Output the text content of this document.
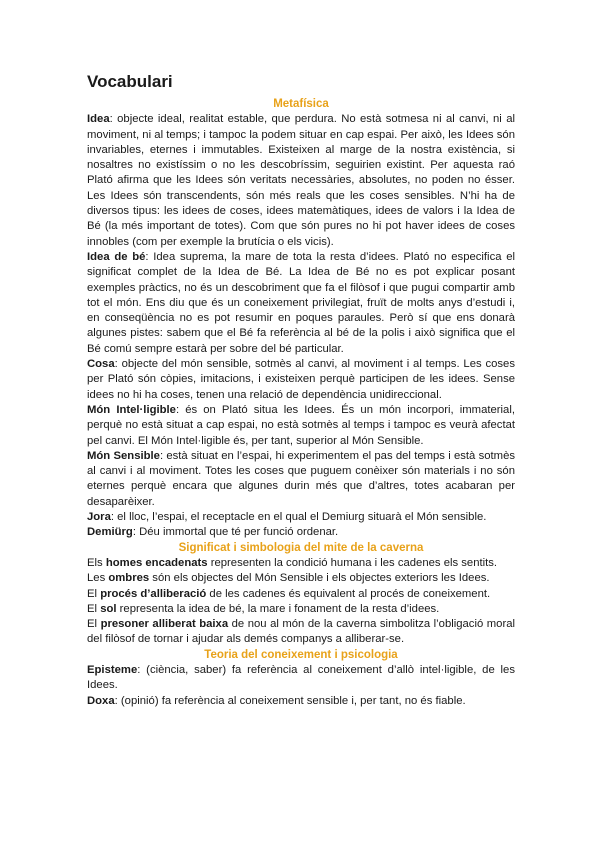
Vocabulari
Metafísica

Idea: objecte ideal, realitat estable, que perdura. No està sotmesa ni al canvi, ni al moviment, ni al temps; i tampoc la podem situar en cap espai. Per això, les Idees són invariables, eternes i immutables. Existeixen al marge de la nostra existència, si nosaltres no existíssim o no les descobríssim, seguirien existint. Per aquesta raó Plató afirma que les Idees són veritats necessàries, absolutes, no poden no ésser. Les Idees són transcendents, són més reals que les coses sensibles. N’hi ha de diversos tipus: les idees de coses, idees matemàtiques, idees de valors i la Idea de Bé (la més important de totes). Com que són pures no hi pot haver idees de coses innobles (com per exemple la brutícia o els vicis).

Idea de bé: Idea suprema, la mare de tota la resta d’idees. Plató no especifica el significat complet de la Idea de Bé. La Idea de Bé no es pot explicar posant exemples pràctics, no és un descobriment que fa el filòsof i que pugui compartir amb tot el món. Ens diu que és un coneixement privilegiat, fruït de molts anys d’estudi i, en conseqüència no es pot resumir en poques paraules. Però sí que ens donarà algunes pistes: sabem que el Bé fa referència al bé de la polis i això significa que el Bé comú sempre estarà per sobre del bé particular.

Cosa: objecte del món sensible, sotmès al canvi, al moviment i al temps. Les coses per Plató són còpies, imitacions, i existeixen perquè participen de les idees. Sense idees no hi ha coses, tenen una relació de dependència unidireccional.

Món Intel·ligible: és on Plató situa les Idees. És un món incorpori, immaterial, perquè no està situat a cap espai, no està sotmès al temps i tampoc es veurà afectat pel canvi. El Món Intel·ligible és, per tant, superior al Món Sensible.

Món Sensible: està situat en l’espai, hi experimentem el pas del temps i està sotmès al canvi i al moviment. Totes les coses que puguem conèixer són materials i no són eternes perquè encara que algunes durin més que d’altres, totes acabaran per desaparèixer.

Jora: el lloc, l’espai, el receptacle en el qual el Demiurg situarà el Món sensible.

Demiürg: Déu immortal que té per funció ordenar.

Significat i simbologia del mite de la caverna

Els homes encadenats representen la condició humana i les cadenes els sentits.

Les ombres són els objectes del Món Sensible i els objectes exteriors les Idees.

El procés d’alliberació de les cadenes és equivalent al procés de coneixement.

El sol representa la idea de bé, la mare i fonament de la resta d’idees.

El presoner alliberat baixa de nou al món de la caverna simbolitza l’obligació moral del filòsof de tornar i ajudar als demés companys a alliberar-se.

Teoria del coneixement i psicologia

Episteme: (ciència, saber) fa referència al coneixement d’allò intel·ligible, de les Idees.

Doxa: (opinió) fa referència al coneixement sensible i, per tant, no és fiable.
